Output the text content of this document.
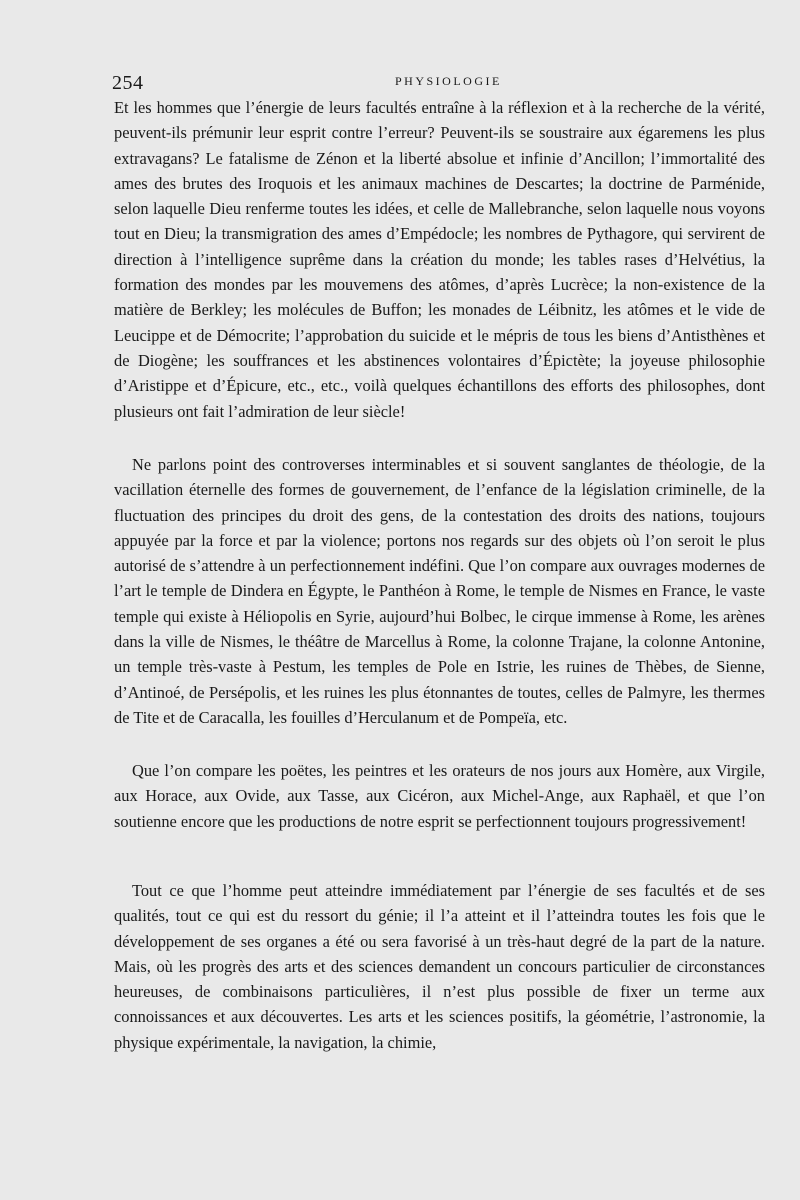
254	PHYSIOLOGIE

Et les hommes que l’énergie de leurs facultés entraîne à la réflexion et à la recherche de la vérité, peuvent-ils prémunir leur esprit contre l’erreur? Peuvent-ils se soustraire aux égaremens les plus extravagans? Le fatalisme de Zénon et la liberté absolue et infinie d’Ancillon; l’immortalité des ames des brutes des Iroquois et les animaux machines de Descartes; la doctrine de Parménide, selon laquelle Dieu renferme toutes les idées, et celle de Mallebranche, selon laquelle nous voyons tout en Dieu; la transmigration des ames d’Empédocle; les nombres de Pythagore, qui servirent de direction à l’intelligence suprême dans la création du monde; les tables rases d’Helvétius, la formation des mondes par les mouvemens des atômes, d’après Lucrèce; la non-existence de la matière de Berkley; les molécules de Buffon; les monades de Léibnitz, les atômes et le vide de Leucippe et de Démocrite; l’approbation du suicide et le mépris de tous les biens d’Antisthènes et de Diogène; les souffrances et les abstinences volontaires d’Épictète; la joyeuse philosophie d’Aristippe et d’Épicure, etc., etc., voilà quelques échantillons des efforts des philosophes, dont plusieurs ont fait l’admiration de leur siècle!

Ne parlons point des controverses interminables et si souvent sanglantes de théologie, de la vacillation éternelle des formes de gouvernement, de l’enfance de la législation criminelle, de la fluctuation des principes du droit des gens, de la contestation des droits des nations, toujours appuyée par la force et par la violence; portons nos regards sur des objets où l’on seroit le plus autorisé de s’attendre à un perfectionnement indéfini. Que l’on compare aux ouvrages modernes de l’art le temple de Dindera en Égypte, le Panthéon à Rome, le temple de Nismes en France, le vaste temple qui existe à Héliopolis en Syrie, aujourd’hui Bolbec, le cirque immense à Rome, les arènes dans la ville de Nismes, le théâtre de Marcellus à Rome, la colonne Trajane, la colonne Antonine, un temple très-vaste à Pestum, les temples de Pole en Istrie, les ruines de Thèbes, de Sienne, d’Antinoé, de Persépolis, et les ruines les plus étonnantes de toutes, celles de Palmyre, les thermes de Tite et de Caracalla, les fouilles d’Herculanum et de Pompeïa, etc.

Que l’on compare les poëtes, les peintres et les orateurs de nos jours aux Homère, aux Virgile, aux Horace, aux Ovide, aux Tasse, aux Cicéron, aux Michel-Ange, aux Raphaël, et que l’on soutienne encore que les productions de notre esprit se perfectionnent toujours progressivement!

Tout ce que l’homme peut atteindre immédiatement par l’énergie de ses facultés et de ses qualités, tout ce qui est du ressort du génie; il l’a atteint et il l’atteindra toutes les fois que le développement de ses organes a été ou sera favorisé à un très-haut degré de la part de la nature. Mais, où les progrès des arts et des sciences demandent un concours particulier de circonstances heureuses, de combinaisons particulières, il n’est plus possible de fixer un terme aux connoissances et aux découvertes. Les arts et les sciences positifs, la géométrie, l’astronomie, la physique expérimentale, la navigation, la chimie,
